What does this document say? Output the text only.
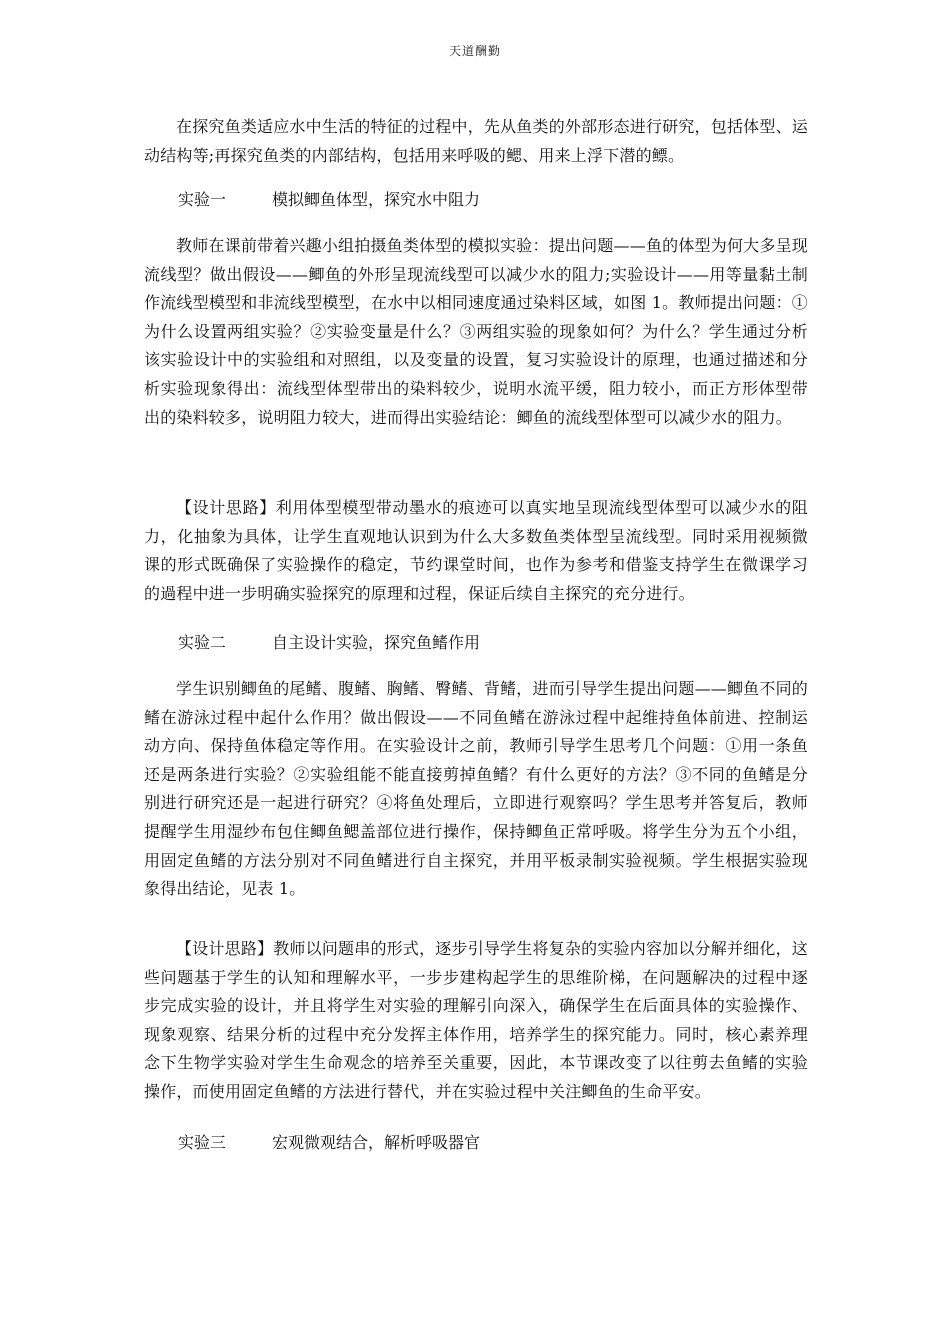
天道酬勤
在探究鱼类适应水中生活的特征的过程中，先从鱼类的外部形态进行研究，包括体型、运动结构等;再探究鱼类的内部结构，包括用来呼吸的鳃、用来上浮下潜的鳔。
实验一	模拟鲫鱼体型，探究水中阻力
教师在课前带着兴趣小组拍摄鱼类体型的模拟实验：提出问题——鱼的体型为何大多呈现流线型？做出假设——鲫鱼的外形呈现流线型可以减少水的阻力;实验设计——用等量黏土制作流线型模型和非流线型模型，在水中以相同速度通过染料区域，如图 1。教师提出问题：①为什么设置两组实验？②实验变量是什么？③两组实验的现象如何？为什么？学生通过分析该实验设计中的实验组和对照组，以及变量的设置，复习实验设计的原理，也通过描述和分析实验现象得出：流线型体型带出的染料较少，说明水流平缓，阻力较小，而正方形体型带出的染料较多，说明阻力较大，进而得出实验结论：鲫鱼的流线型体型可以减少水的阻力。
【设计思路】利用体型模型带动墨水的痕迹可以真实地呈现流线型体型可以减少水的阻力，化抽象为具体，让学生直观地认识到为什么大多数鱼类体型呈流线型。同时采用视频微课的形式既确保了实验操作的稳定，节约课堂时间，也作为参考和借鉴支持学生在微课学习的過程中进一步明确实验探究的原理和过程，保证后续自主探究的充分进行。
实验二	自主设计实验，探究鱼鳍作用
学生识别鲫鱼的尾鳍、腹鳍、胸鳍、臀鳍、背鳍，进而引导学生提出问题——鲫鱼不同的鳍在游泳过程中起什么作用？做出假设——不同鱼鳍在游泳过程中起维持鱼体前进、控制运动方向、保持鱼体稳定等作用。在实验设计之前，教师引导学生思考几个问题：①用一条鱼还是两条进行实验？②实验组能不能直接剪掉鱼鳍？有什么更好的方法？③不同的鱼鳍是分别进行研究还是一起进行研究？④将鱼处理后，立即进行观察吗？学生思考并答复后，教师提醒学生用湿纱布包住鲫鱼鳃盖部位进行操作，保持鲫鱼正常呼吸。将学生分为五个小组，用固定鱼鳍的方法分别对不同鱼鳍进行自主探究，并用平板录制实验视频。学生根据实验现象得出结论，见表 1。
【设计思路】教师以问题串的形式，逐步引导学生将复杂的实验内容加以分解并细化，这些问题基于学生的认知和理解水平，一步步建构起学生的思维阶梯，在问题解决的过程中逐步完成实验的设计，并且将学生对实验的理解引向深入，确保学生在后面具体的实验操作、现象观察、结果分析的过程中充分发挥主体作用，培养学生的探究能力。同时，核心素养理念下生物学实验对学生生命观念的培养至关重要，因此，本节课改变了以往剪去鱼鳍的实验操作，而使用固定鱼鳍的方法进行替代，并在实验过程中关注鲫鱼的生命平安。
实验三	宏观微观结合，解析呼吸器官
